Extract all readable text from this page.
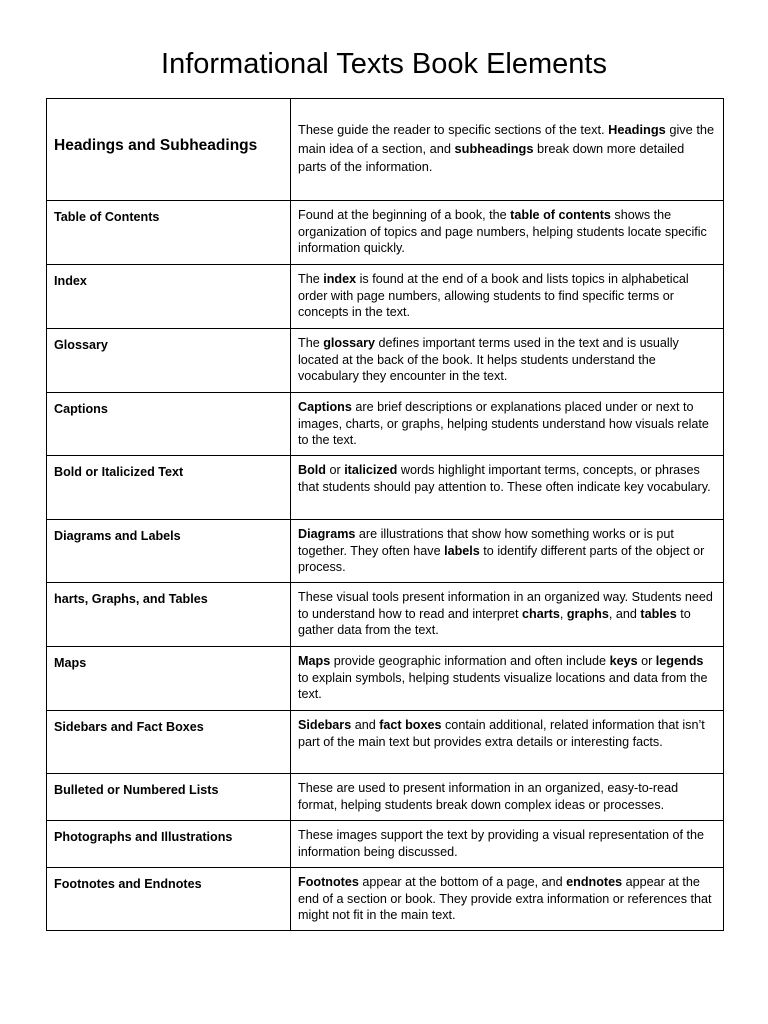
Informational Texts Book Elements
Headings and Subheadings	These guide the reader to specific sections of the text. Headings give the main idea of a section, and subheadings break down more detailed parts of the information.
Table of Contents	Found at the beginning of a book, the table of contents shows the organization of topics and page numbers, helping students locate specific information quickly.
Index	The index is found at the end of a book and lists topics in alphabetical order with page numbers, allowing students to find specific terms or concepts in the text.
Glossary	The glossary defines important terms used in the text and is usually located at the back of the book. It helps students understand the vocabulary they encounter in the text.
Captions	Captions are brief descriptions or explanations placed under or next to images, charts, or graphs, helping students understand how visuals relate to the text.
Bold or Italicized Text	Bold or italicized words highlight important terms, concepts, or phrases that students should pay attention to. These often indicate key vocabulary.
Diagrams and Labels	Diagrams are illustrations that show how something works or is put together. They often have labels to identify different parts of the object or process.
harts, Graphs, and Tables	These visual tools present information in an organized way. Students need to understand how to read and interpret charts, graphs, and tables to gather data from the text.
Maps	Maps provide geographic information and often include keys or legends to explain symbols, helping students visualize locations and data from the text.
Sidebars and Fact Boxes	Sidebars and fact boxes contain additional, related information that isn’t part of the main text but provides extra details or interesting facts.
Bulleted or Numbered Lists	These are used to present information in an organized, easy-to-read format, helping students break down complex ideas or processes.
Photographs and Illustrations	These images support the text by providing a visual representation of the information being discussed.
Footnotes and Endnotes	Footnotes appear at the bottom of a page, and endnotes appear at the end of a section or book. They provide extra information or references that might not fit in the main text.
